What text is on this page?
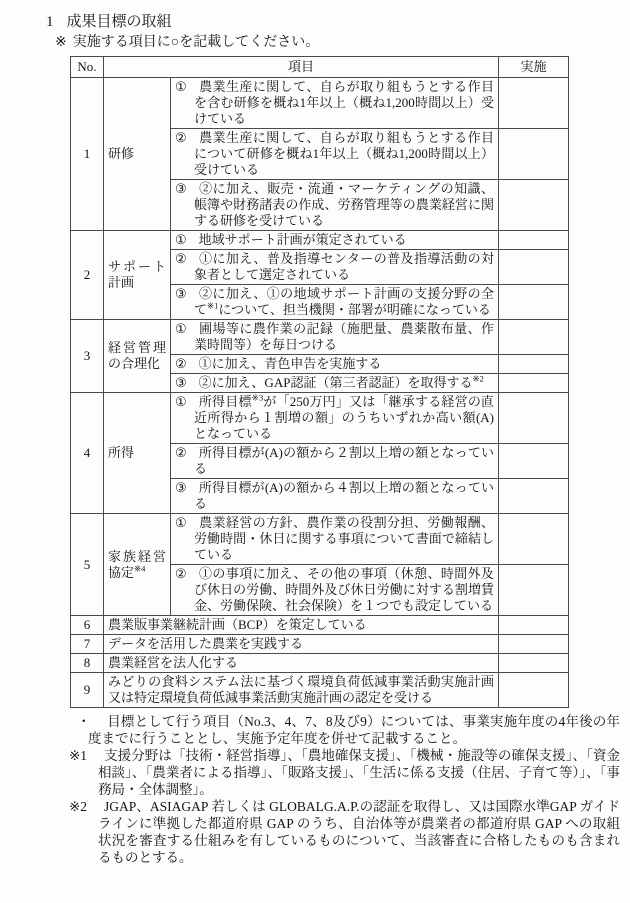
1 成果目標の取組
※ 実施する項目に○を記載してください。
No.	項目		実施
1	研修	① 農業生産に関して、自らが取り組もうとする作目を含む研修を概ね1年以上（概ね1,200時間以上）受けている	

		② 農業生産に関して、自らが取り組もうとする作目について研修を概ね1年以上（概ね1,200時間以上）受けている	

		③ ②に加え、販売・流通・マーケティングの知識、帳簿や財務諸表の作成、労務管理等の農業経営に関する研修を受けている	

2	サポート計画	① 地域サポート計画が策定されている	

		② ①に加え、普及指導センターの普及指導活動の対象者として選定されている	

		③ ②に加え、①の地域サポート計画の支援分野の全て$^{※1}$について、担当機関・部署が明確になっている	

3	経営管理の合理化	① 圃場等に農作業の記録（施肥量、農薬散布量、作業時間等）を毎日つける	

		② ①に加え、青色申告を実施する	

		③ ②に加え、GAP認証（第三者認証）を取得する$^{※2}$

4	所得	① 所得目標$^{※3}$が「250万円」又は「継承する経営の直近所得から１割増の額」のうちいずれか高い額(A)となっている	

		② 所得目標が(A)の額から２割以上増の額となっている	

		③ 所得目標が(A)の額から４割以上増の額となっている	

5	家族経営協定$^{※4}$	① 農業経営の方針、農作業の役割分担、労働報酬、労働時間・休日に関する事項について書面で締結している	

		② ①の事項に加え、その他の事項（休憩、時間外及び休日の労働、時間外及び休日労働に対する割増賃金、労働保険、社会保険）を１つでも設定している	

6	農業版事業継続計画（BCP）を策定している		
7	データを活用した農業を実践する		
8	農業経営を法人化する		
9	みどりの食料システム法に基づく環境負荷低減事業活動実施計画又は特定環境負荷低減事業活動実施計画の認定を受ける		

・ 目標として行う項目（No.3、4、7、8及び9）については、事業実施年度の4年後の年度までに行うこととし、実施予定年度を併せて記載すること。

※1 支援分野は「技術・経営指導」、「農地確保支援」、「機械・施設等の確保支援」、「資金相談」、「農業者による指導」、「販路支援」、「生活に係る支援（住居、子育て等）」、「事務局・全体調整」。

※2 JGAP、ASIAGAP 若しくは GLOBALG.A.P.の認証を取得し、又は国際水準GAP ガイドラインに準拠した都道府県 GAP のうち、自治体等が農業者の都道府県 GAP への取組状況を審査する仕組みを有しているものについて、当該審査に合格したものも含まれるものとする。
